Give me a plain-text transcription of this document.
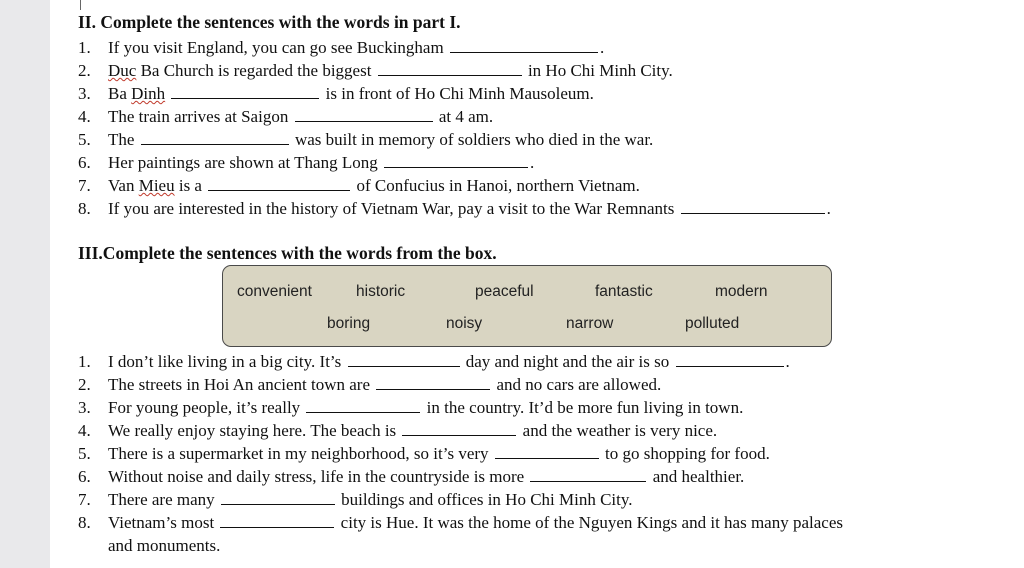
II. Complete the sentences with the words in part I.
1. If you visit England, you can go see Buckingham	.
2. Duc Ba Church is regarded the biggest	in Ho Chi Minh City.
3. Ba Dinh	is in front of Ho Chi Minh Mausoleum.
4. The train arrives at Saigon	at 4 am.
5. The	was built in memory of soldiers who died in the war.
6. Her paintings are shown at Thang Long	.
7. Van Mieu is a	of Confucius in Hanoi, northern Vietnam.
8. If you are interested in the history of Vietnam War, pay a visit to the War Remnants	.
III.Complete the sentences with the words from the box.
convenient	historic	peaceful	fantastic	modern
boring	noisy	narrow	polluted
1. I don’t like living in a big city. It’s	day and night and the air is so	.
2. The streets in Hoi An ancient town are	and no cars are allowed.
3. For young people, it’s really	in the country. It’d be more fun living in town.
4. We really enjoy staying here. The beach is	and the weather is very nice.
5. There is a supermarket in my neighborhood, so it’s very	to go shopping for food.
6. Without noise and daily stress, life in the countryside is more	and healthier.
7. There are many	buildings and offices in Ho Chi Minh City.
8. Vietnam’s most	city is Hue. It was the home of the Nguyen Kings and it has many palaces
and monuments.
